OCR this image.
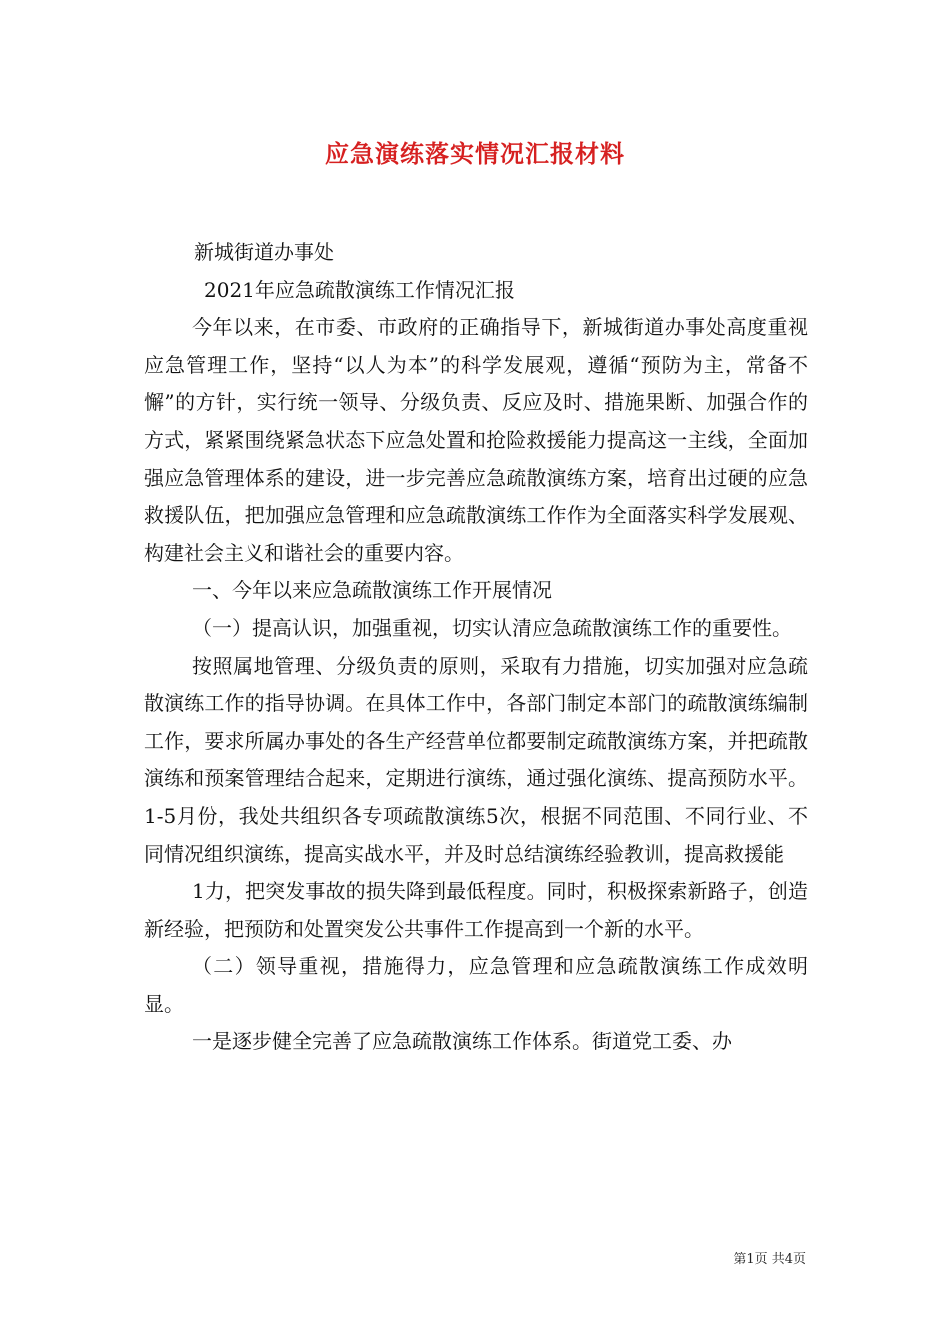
应急演练落实情况汇报材料
新城街道办事处
2021年应急疏散演练工作情况汇报

今年以来，在市委、市政府的正确指导下，新城街道办事处高度重视应急管理工作，坚持“以人为本”的科学发展观，遵循“预防为主，常备不懈”的方针，实行统一领导、分级负责、反应及时、措施果断、加强合作的方式，紧紧围绕紧急状态下应急处置和抢险救援能力提高这一主线，全面加强应急管理体系的建设，进一步完善应急疏散演练方案，培育出过硬的应急救援队伍，把加强应急管理和应急疏散演练工作作为全面落实科学发展观、构建社会主义和谐社会的重要内容。

一、今年以来应急疏散演练工作开展情况

（一）提高认识，加强重视，切实认清应急疏散演练工作的重要性。

按照属地管理、分级负责的原则，采取有力措施，切实加强对应急疏散演练工作的指导协调。在具体工作中，各部门制定本部门的疏散演练编制工作，要求所属办事处的各生产经营单位都要制定疏散演练方案，并把疏散演练和预案管理结合起来，定期进行演练，通过强化演练、提高预防水平。1-5月份，我处共组织各专项疏散演练5次，根据不同范围、不同行业、不同情况组织演练，提高实战水平，并及时总结演练经验教训，提高救援能

1力，把突发事故的损失降到最低程度。同时，积极探索新路子，创造新经验，把预防和处置突发公共事件工作提高到一个新的水平。

（二）领导重视，措施得力，应急管理和应急疏散演练工作成效明显。

一是逐步健全完善了应急疏散演练工作体系。街道党工委、办

第1页 共4页
